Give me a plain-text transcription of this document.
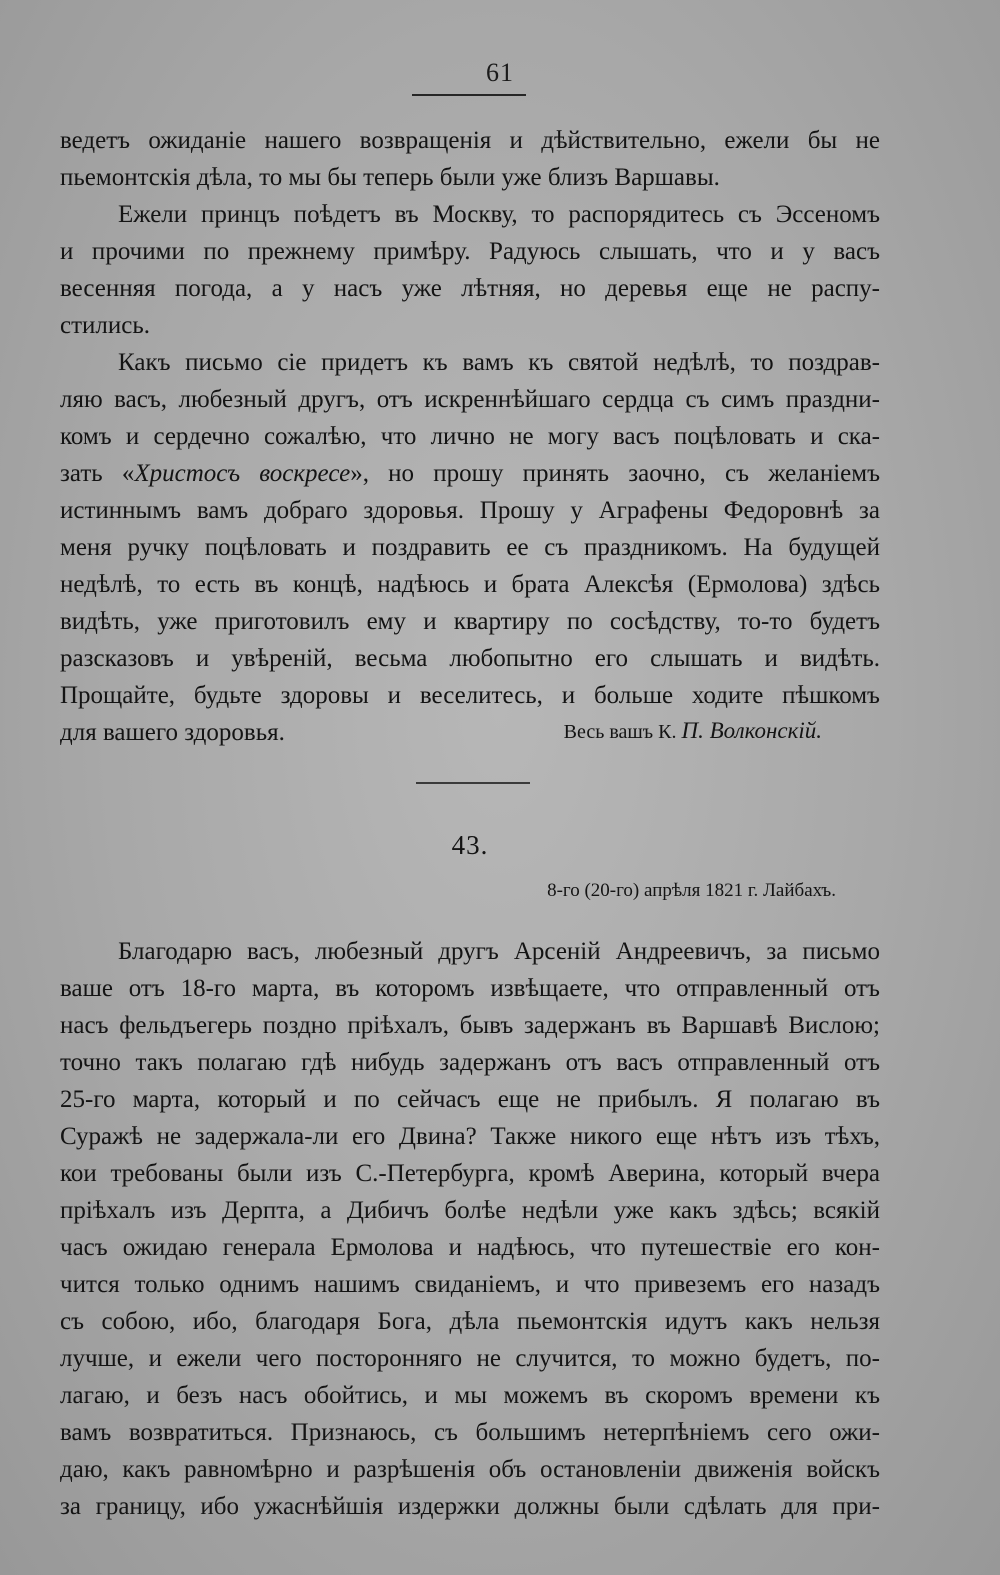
61
ведетъ ожиданіе нашего возвращенія и дѣйствительно, ежели бы не
пьемонтскія дѣла, то мы бы теперь были уже близъ Варшавы.
Ежели принцъ поѣдетъ въ Москву, то распорядитесь съ Эссеномъ
и прочими по прежнему примѣру. Радуюсь слышать, что и у васъ
весенняя погода, а у насъ уже лѣтняя, но деревья еще не распу-
стились.
Какъ письмо сіе придетъ къ вамъ къ святой недѣлѣ, то поздрав-
ляю васъ, любезный другъ, отъ искреннѣйшаго сердца съ симъ праздни-
комъ и сердечно сожалѣю, что лично не могу васъ поцѣловать и ска-
зать «Христосъ воскресе», но прошу принять заочно, съ желаніемъ
истиннымъ вамъ добраго здоровья. Прошу у Аграфены Федоровнѣ за
меня ручку поцѣловать и поздравить ее съ праздникомъ. На будущей
недѣлѣ, то есть въ концѣ, надѣюсь и брата Алексѣя (Ермолова) здѣсь
видѣть, уже приготовилъ ему и квартиру по сосѣдству, то-то будетъ
разсказовъ и увѣреній, весьма любопытно его слышать и видѣть.
Прощайте, будьте здоровы и веселитесь, и больше ходите пѣшкомъ
для вашего здоровья.	Весь вашъ К. П. Волконскій.
43.
8-го (20-го) апрѣля 1821 г. Лайбахъ.
Благодарю васъ, любезный другъ Арсеній Андреевичъ, за письмо
ваше отъ 18-го марта, въ которомъ извѣщаете, что отправленный отъ
насъ фельдъегерь поздно пріѣхалъ, бывъ задержанъ въ Варшавѣ Вислою;
точно такъ полагаю гдѣ нибудь задержанъ отъ васъ отправленный отъ
25-го марта, который и по сейчасъ еще не прибылъ. Я полагаю въ
Суражѣ не задержала-ли его Двина? Также никого еще нѣтъ изъ тѣхъ,
кои требованы были изъ С.-Петербурга, кромѣ Аверина, который вчера
пріѣхалъ изъ Дерпта, а Дибичъ болѣе недѣли уже какъ здѣсь; всякій
часъ ожидаю генерала Ермолова и надѣюсь, что путешествіе его кон-
чится только однимъ нашимъ свиданіемъ, и что привеземъ его назадъ
съ собою, ибо, благодаря Бога, дѣла пьемонтскія идутъ какъ нельзя
лучше, и ежели чего посторонняго не случится, то можно будетъ, по-
лагаю, и безъ насъ обойтись, и мы можемъ въ скоромъ времени къ
вамъ возвратиться. Признаюсь, съ большимъ нетерпѣніемъ сего ожи-
даю, какъ равномѣрно и разрѣшенія объ остановленіи движенія войскъ
за границу, ибо ужаснѣйшія издержки должны были сдѣлать для при-
